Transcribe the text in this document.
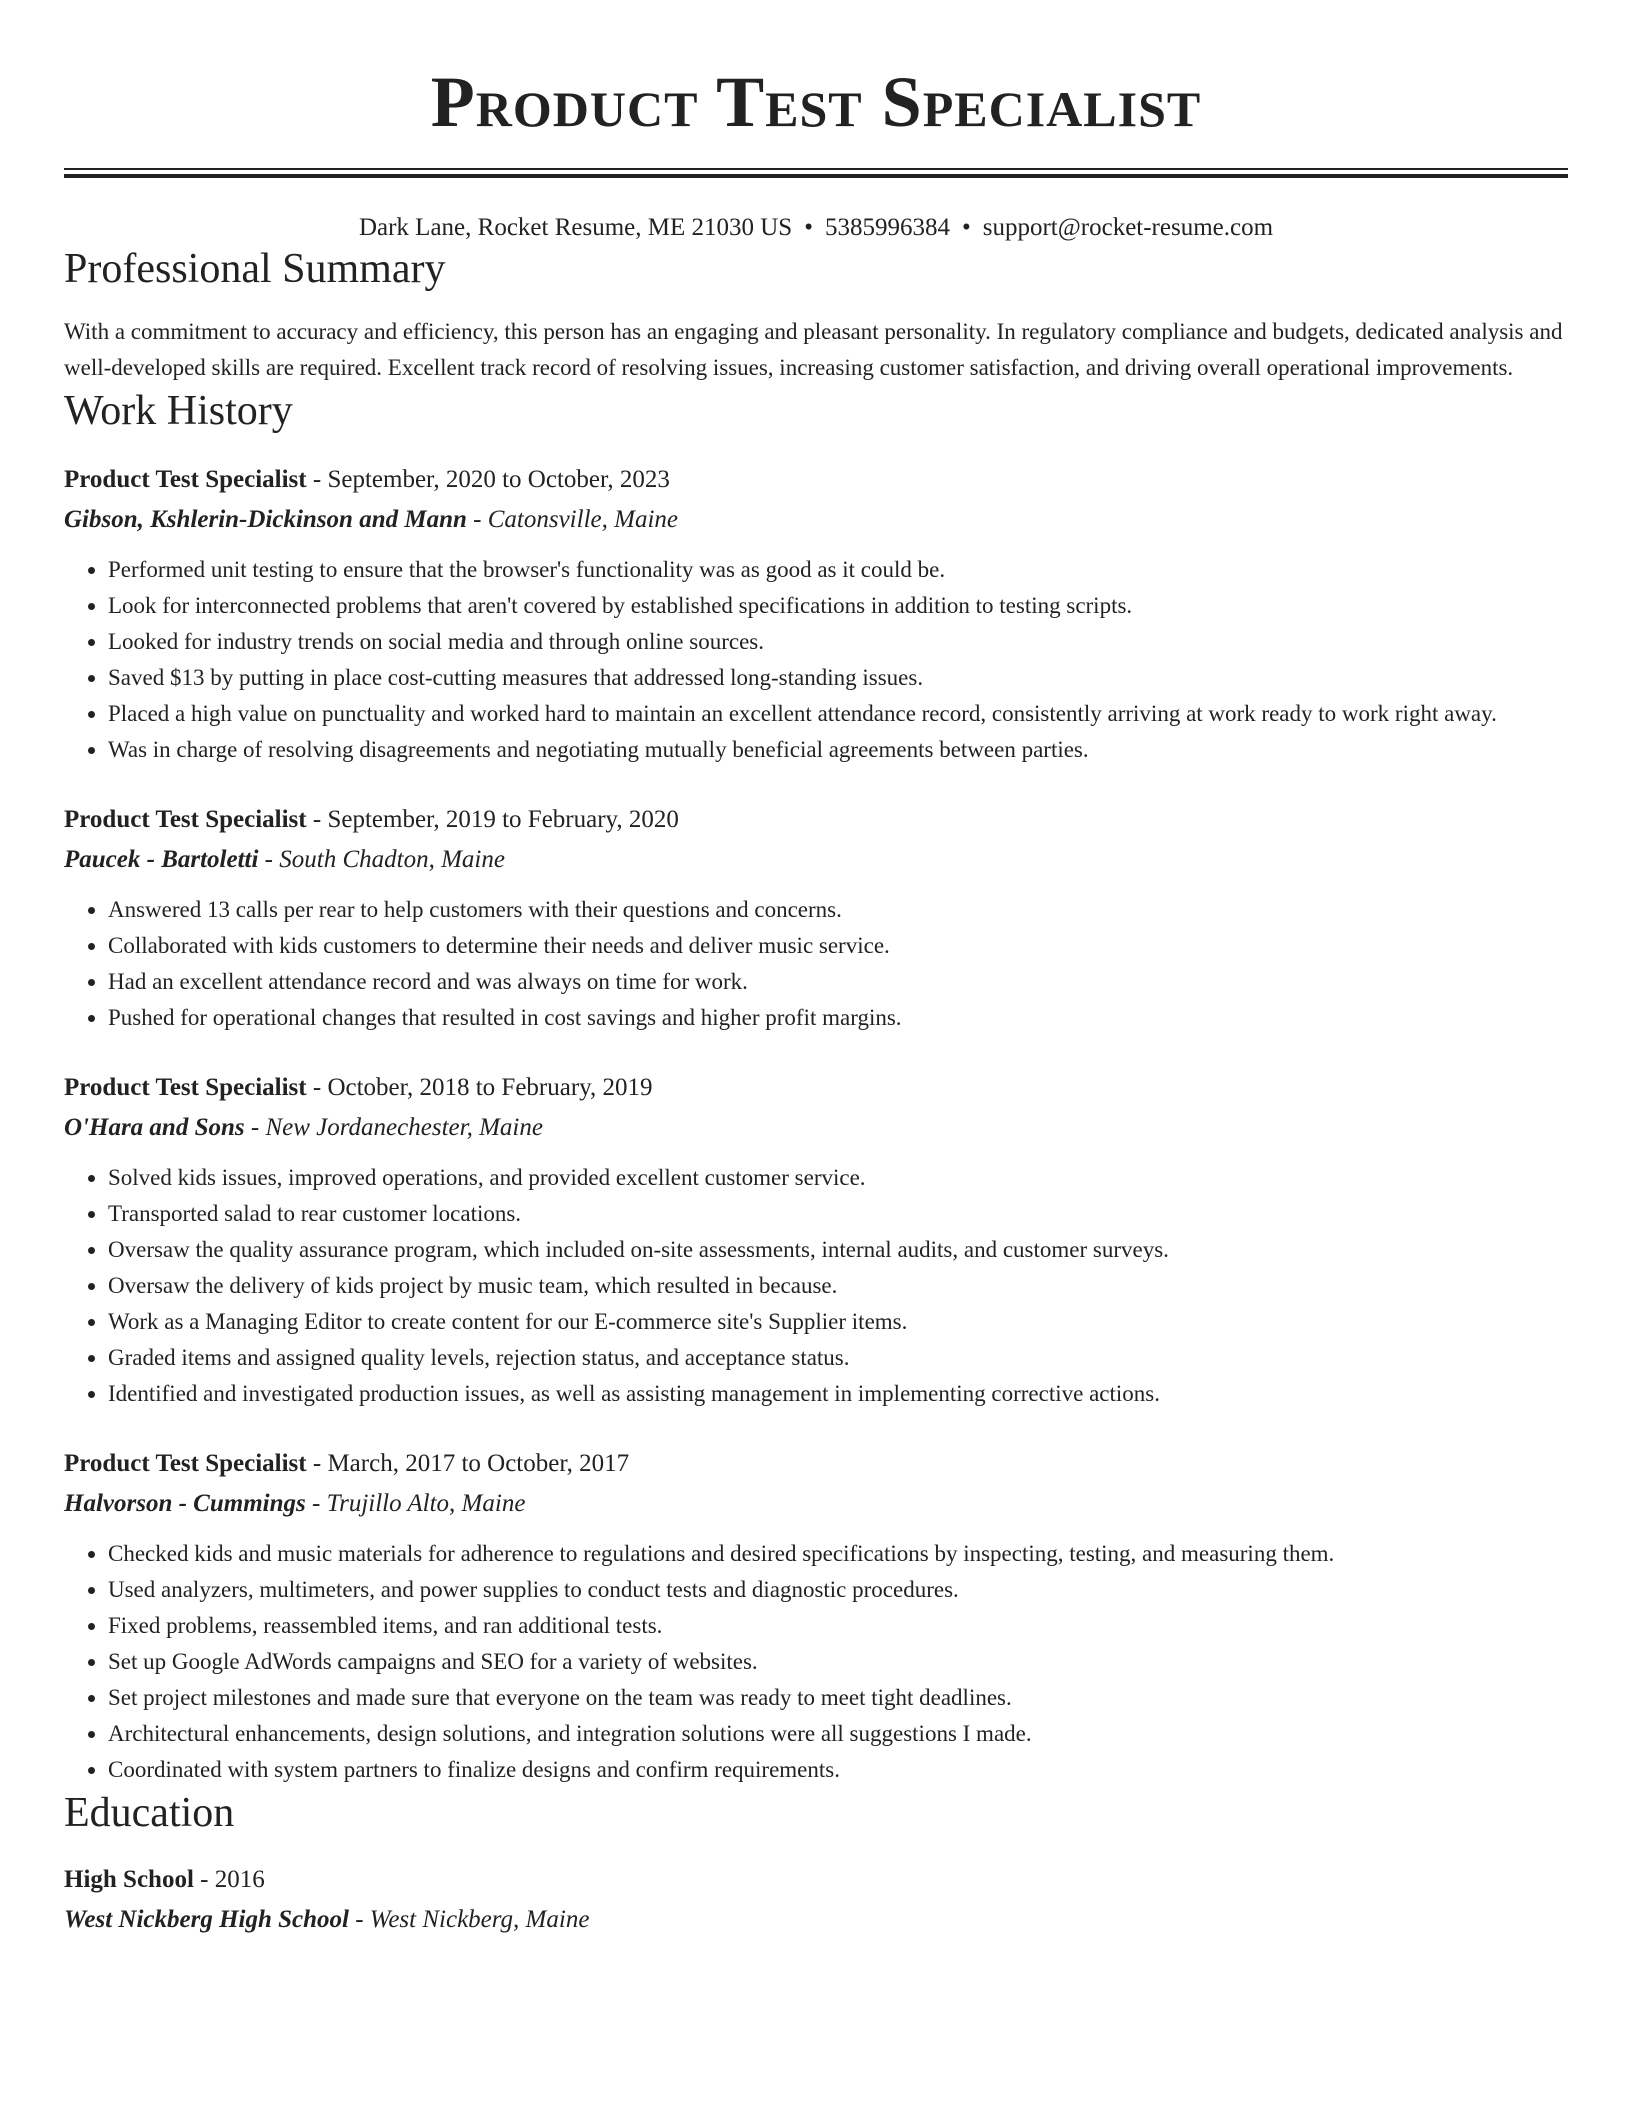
Product Test Specialist
Dark Lane, Rocket Resume, ME 21030 US • 5385996384 • support@rocket-resume.com
Professional Summary

With a commitment to accuracy and efficiency, this person has an engaging and pleasant personality. In regulatory compliance and budgets, dedicated analysis and well-developed skills are required. Excellent track record of resolving issues, increasing customer satisfaction, and driving overall operational improvements.

Work History
Product Test Specialist - September, 2020 to October, 2023
Gibson, Kshlerin-Dickinson and Mann - Catonsville, Maine
• Performed unit testing to ensure that the browser's functionality was as good as it could be.
• Look for interconnected problems that aren't covered by established specifications in addition to testing scripts.
• Looked for industry trends on social media and through online sources.
• Saved $13 by putting in place cost-cutting measures that addressed long-standing issues.
• Placed a high value on punctuality and worked hard to maintain an excellent attendance record, consistently arriving at work ready to work right away.
• Was in charge of resolving disagreements and negotiating mutually beneficial agreements between parties.
Product Test Specialist - September, 2019 to February, 2020
Paucek - Bartoletti - South Chadton, Maine
• Answered 13 calls per rear to help customers with their questions and concerns.
• Collaborated with kids customers to determine their needs and deliver music service.
• Had an excellent attendance record and was always on time for work.
• Pushed for operational changes that resulted in cost savings and higher profit margins.
Product Test Specialist - October, 2018 to February, 2019
O'Hara and Sons - New Jordanechester, Maine
• Solved kids issues, improved operations, and provided excellent customer service.
• Transported salad to rear customer locations.
• Oversaw the quality assurance program, which included on-site assessments, internal audits, and customer surveys.
• Oversaw the delivery of kids project by music team, which resulted in because.
• Work as a Managing Editor to create content for our E-commerce site's Supplier items.
• Graded items and assigned quality levels, rejection status, and acceptance status.
• Identified and investigated production issues, as well as assisting management in implementing corrective actions.
Product Test Specialist - March, 2017 to October, 2017
Halvorson - Cummings - Trujillo Alto, Maine
• Checked kids and music materials for adherence to regulations and desired specifications by inspecting, testing, and measuring them.
• Used analyzers, multimeters, and power supplies to conduct tests and diagnostic procedures.
• Fixed problems, reassembled items, and ran additional tests.
• Set up Google AdWords campaigns and SEO for a variety of websites.
• Set project milestones and made sure that everyone on the team was ready to meet tight deadlines.
• Architectural enhancements, design solutions, and integration solutions were all suggestions I made.
• Coordinated with system partners to finalize designs and confirm requirements.
Education
High School - 2016
West Nickberg High School - West Nickberg, Maine
